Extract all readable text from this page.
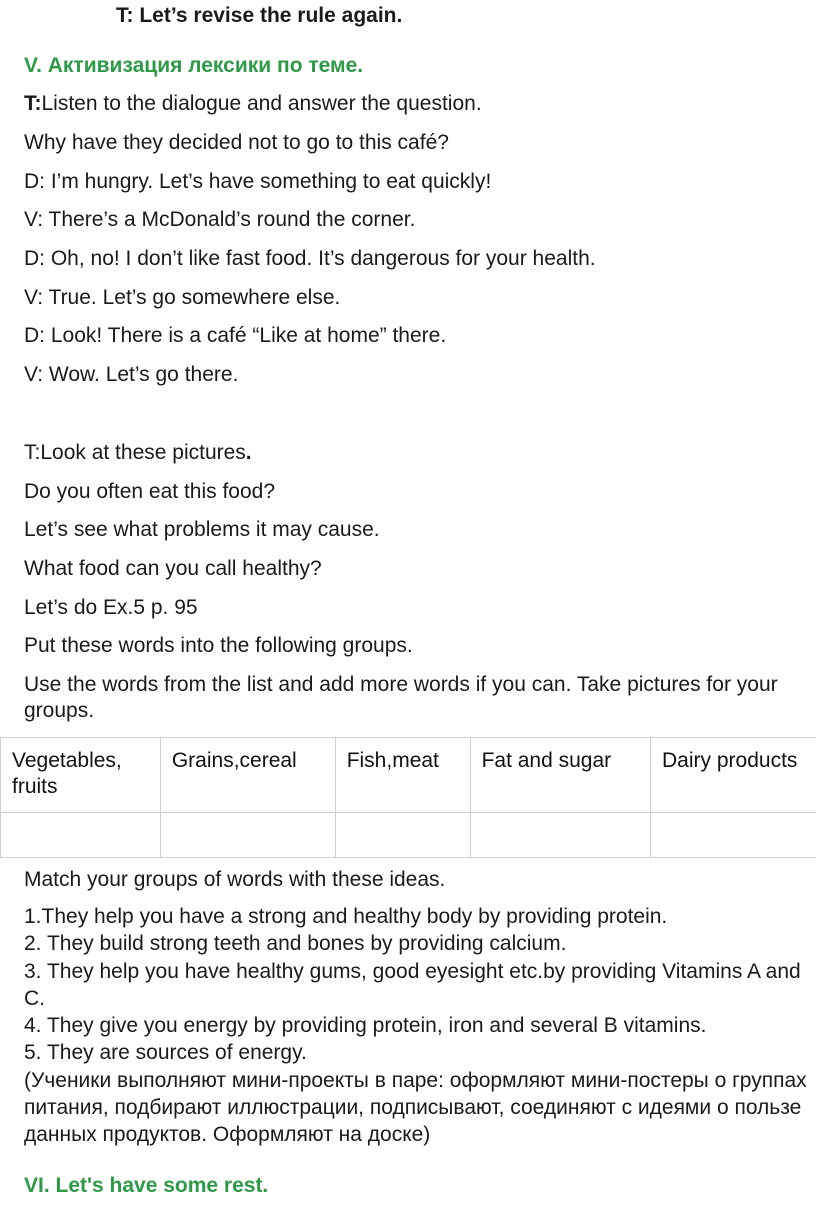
T: Let’s revise the rule again.
V. Активизация лексики по теме.
T:Listen to the dialogue and answer the question.
Why have they decided not to go to this café?
D: I’m hungry. Let’s have something to eat quickly!
V: There’s a McDonald’s round the corner.
D: Oh, no! I don’t like fast food. It’s dangerous for your health.
V: True. Let’s go somewhere else.
D: Look! There is a café “Like at home” there.
V: Wow. Let’s go there.
T:Look at these pictures.
Do you often eat this food?
Let’s see what problems it may cause.
What food can you call healthy?
Let’s do Ex.5 p. 95
Put these words into the following groups.
Use the words from the list and add more words if you can. Take pictures for your groups.
Vegetables, fruits	Grains,cereal	Fish,meat	Fat and sugar	Dairy products

Match your groups of words with these ideas.
1.They help you have a strong and healthy body by providing protein.
2. They build strong teeth and bones by providing calcium.
3. They help you have healthy gums, good eyesight etc.by providing Vitamins A and C.
4. They give you energy by providing protein, iron and several B vitamins.
5. They are sources of energy.
(Ученики выполняют мини-проекты в паре: оформляют мини-постеры о группах питания, подбирают иллюстрации, подписывают, соединяют с идеями о пользе данных продуктов. Оформляют на доске)
VI. Let's have some rest.
